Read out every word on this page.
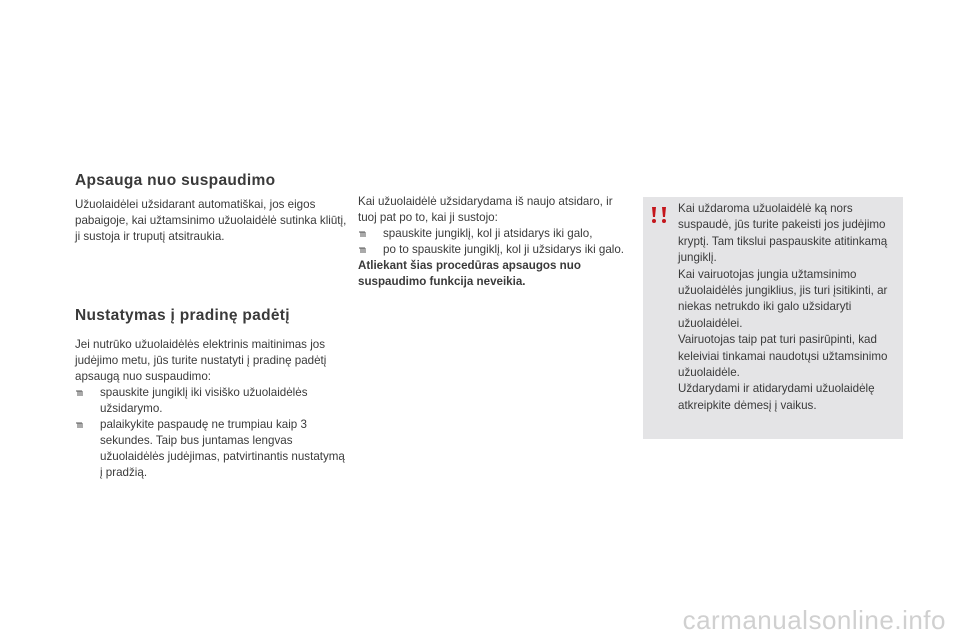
Apsauga nuo suspaudimo

Užuolaidėlei užsidarant automatiškai, jos eigos pabaigoje, kai užtamsinimo užuolaidėlė sutinka kliūtį, ji sustoja ir truputį atsitraukia.

Nustatymas į pradinę padėtį

Jei nutrūko užuolaidėlės elektrinis maitinimas jos judėjimo metu, jūs turite nustatyti į pradinę padėtį apsaugą nuo suspaudimo:

spauskite jungiklį iki visiško užuolaidėlės užsidarymo.
palaikykite paspaudę ne trumpiau kaip 3 sekundes. Taip bus juntamas lengvas užuolaidėlės judėjimas, patvirtinantis nustatymą į pradžią.

Kai užuolaidėlė užsidarydama iš naujo atsidaro, ir tuoj pat po to, kai ji sustojo:

spauskite jungiklį, kol ji atsidarys iki galo,
po to spauskite jungiklį, kol ji užsidarys iki galo.

Atliekant šias procedūras apsaugos nuo suspaudimo funkcija neveikia.

Kai uždaroma užuolaidėlė ką nors suspaudė, jūs turite pakeisti jos judėjimo kryptį. Tam tikslui paspauskite atitinkamą jungiklį.
Kai vairuotojas jungia užtamsinimo užuolaidėlės jungiklius, jis turi įsitikinti, ar niekas netrukdo iki galo užsidaryti užuolaidėlei.
Vairuotojas taip pat turi pasirūpinti, kad keleiviai tinkamai naudotųsi užtamsinimo užuolaidėle.
Uždarydami ir atidarydami užuolaidėlę atkreipkite dėmesį į vaikus.

carmanualsonline.info
